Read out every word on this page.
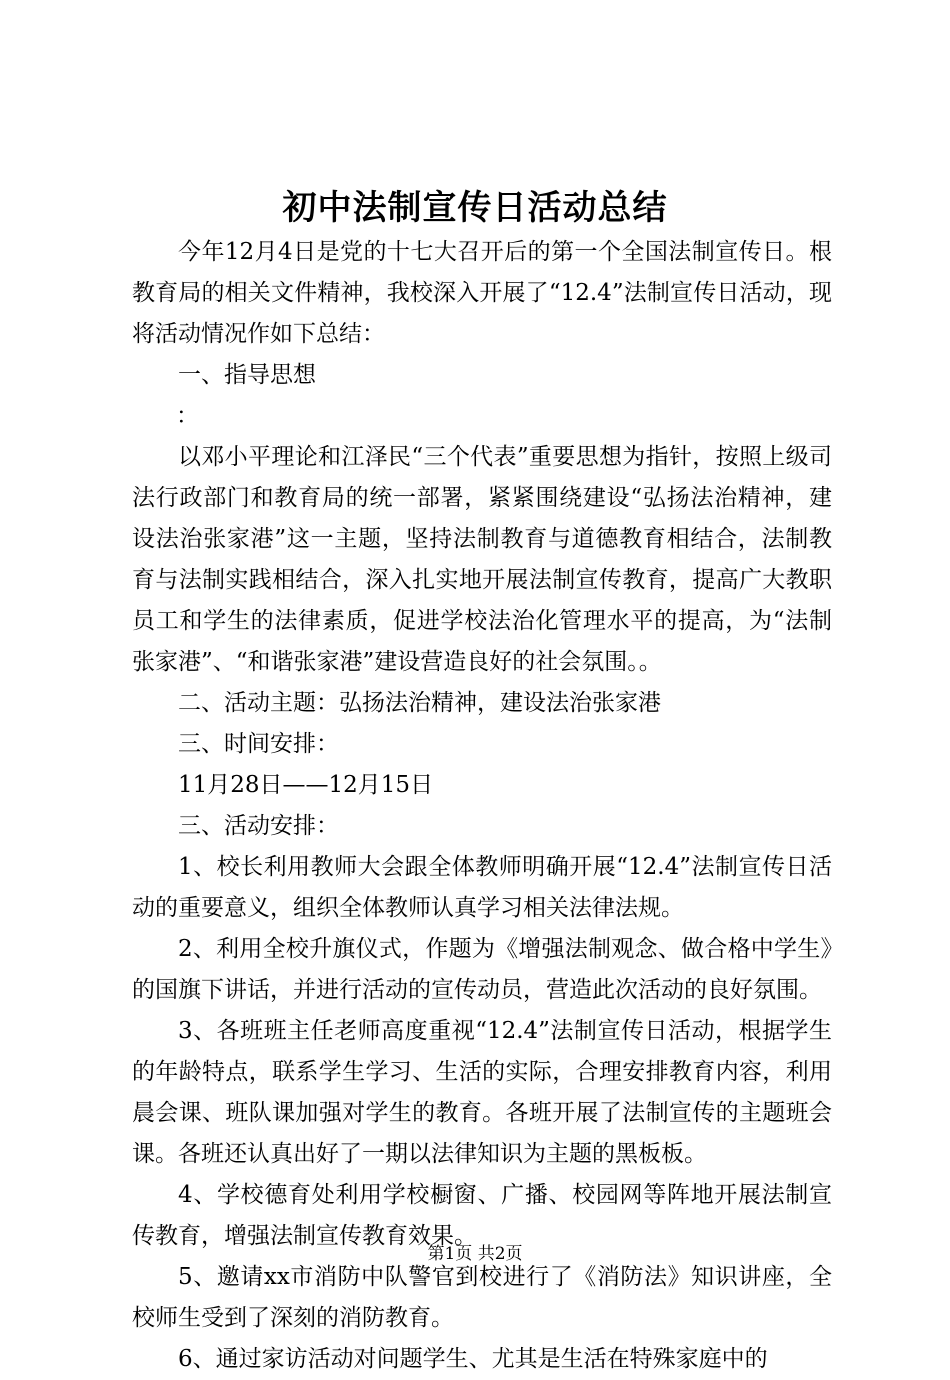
初中法制宣传日活动总结

今年12月4日是党的十七大召开后的第一个全国法制宣传日。根教育局的相关文件精神，我校深入开展了“12.4”法制宣传日活动，现将活动情况作如下总结：

一、指导思想

：

以邓小平理论和江泽民“三个代表”重要思想为指针，按照上级司法行政部门和教育局的统一部署，紧紧围绕建设“弘扬法治精神，建设法治张家港”这一主题，坚持法制教育与道德教育相结合，法制教育与法制实践相结合，深入扎实地开展法制宣传教育，提高广大教职员工和学生的法律素质，促进学校法治化管理水平的提高，为“法制张家港”、“和谐张家港”建设营造良好的社会氛围。。

二、活动主题：弘扬法治精神，建设法治张家港

三、时间安排：

11月28日——12月15日

三、活动安排：

1、校长利用教师大会跟全体教师明确开展“12.4”法制宣传日活动的重要意义，组织全体教师认真学习相关法律法规。

2、利用全校升旗仪式，作题为《增强法制观念、做合格中学生》的国旗下讲话，并进行活动的宣传动员，营造此次活动的良好氛围。

3、各班班主任老师高度重视“12.4”法制宣传日活动，根据学生的年龄特点，联系学生学习、生活的实际，合理安排教育内容，利用晨会课、班队课加强对学生的教育。各班开展了法制宣传的主题班会课。各班还认真出好了一期以法律知识为主题的黑板板。

4、学校德育处利用学校橱窗、广播、校园网等阵地开展法制宣传教育，增强法制宣传教育效果。

5、邀请xx市消防中队警官到校进行了《消防法》知识讲座，全校师生受到了深刻的消防教育。

6、通过家访活动对问题学生、尤其是生活在特殊家庭中的

第1页 共2页
